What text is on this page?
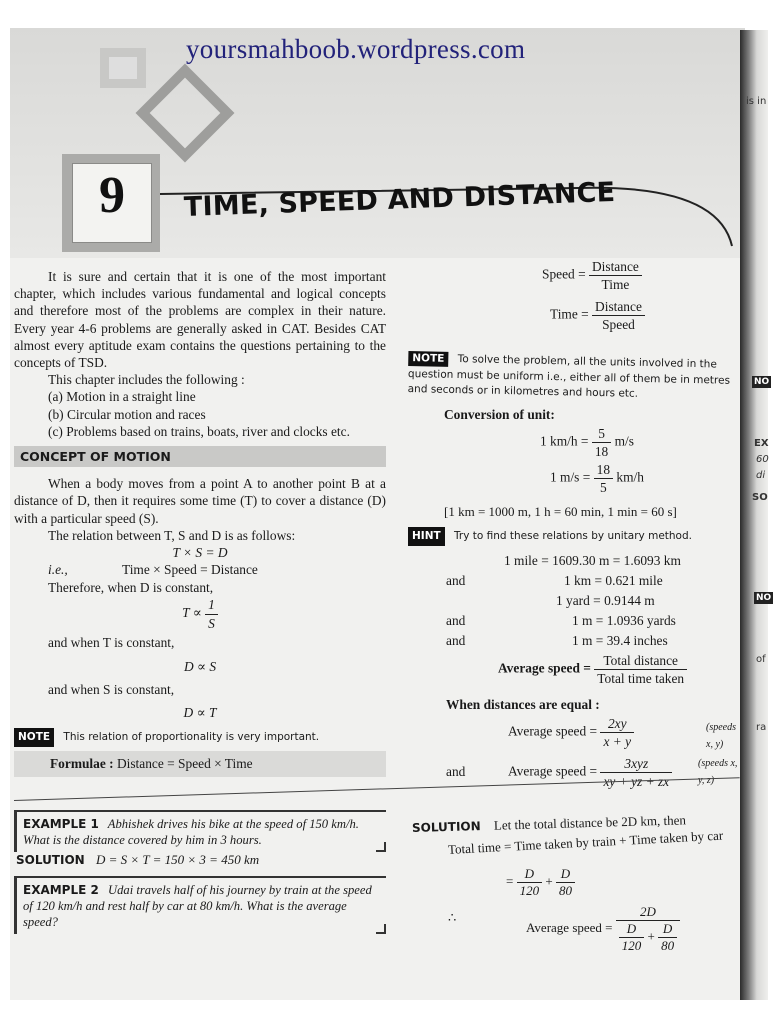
yoursmahboob.wordpress.com
9	TIME, SPEED AND DISTANCE

It is sure and certain that it is one of the most important chapter, which includes various fundamental and logical concepts and therefore most of the problems are complex in their nature. Every year 4-6 problems are generally asked in CAT. Besides CAT almost every aptitude exam contains the questions pertaining to the concepts of TSD.

This chapter includes the following :

(a) Motion in a straight line
(b) Circular motion and races
(c) Problems based on trains, boats, river and clocks etc.
CONCEPT OF MOTION

When a body moves from a point A to another point B at a distance of D, then it requires some time (T) to cover a distance (D) with a particular speed (S).

The relation between T, S and D is as follows:

T × S = D
i.e.,	Time × Speed = Distance

Therefore, when D is constant,

$T \propto \frac{1}{S}$

and when T is constant,

D ∝ S

and when S is constant,

D ∝ T
NOTE This relation of proportionality is very important.
Formulae : Distance = Speed × Time
EXAMPLE 1 Abhishek drives his bike at the speed of 150 km/h. What is the distance covered by him in 3 hours.
SOLUTION D = S × T = 150 × 3 = 450 km
EXAMPLE 2 Udai travels half of his journey by train at the speed of 120 km/h and rest half by car at 80 km/h. What is the average speed?
Speed = $\frac{\text{Distance}}{\text{Time}}$
Time = $\frac{\text{Distance}}{\text{Speed}}$
NOTE To solve the problem, all the units involved in the question must be uniform i.e., either all of them be in metres and seconds or in kilometres and hours etc.
Conversion of unit:
1 $km/h = \frac{5}{18} m/s$
1 $m/s = \frac{18}{5} km/h$
[1 km = 1000 m, 1 h = 60 min, 1 min = 60 s]
HINT Try to find these relations by unitary method.
1 mile = 1609.30 m = 1.6093 km
and	1 km = 0.621 mile
1 yard = 0.9144 m
and	1 m = 1.0936 yards
and	1 m = 39.4 inches
Average speed = $\frac{\text{Total distance}}{\text{Total time taken}}$
When distances are equal :
Average speed = $\frac{2xy}{x + y}$	(speeds x, y)
and	Average speed = $\frac{\text{3xyz}}{xy + yz + zx}$	(speeds x, y, z)
SOLUTION Let the total distance be 2D km, then
Total time = Time taken by train + Time taken by car
= $\frac{D}{120} + \frac{D}{80}$
∴
Average speed =
2D
$\frac{D}{120} + \frac{D}{80}$
is in
NO
EX
60
di
SO
NO
of
ra
